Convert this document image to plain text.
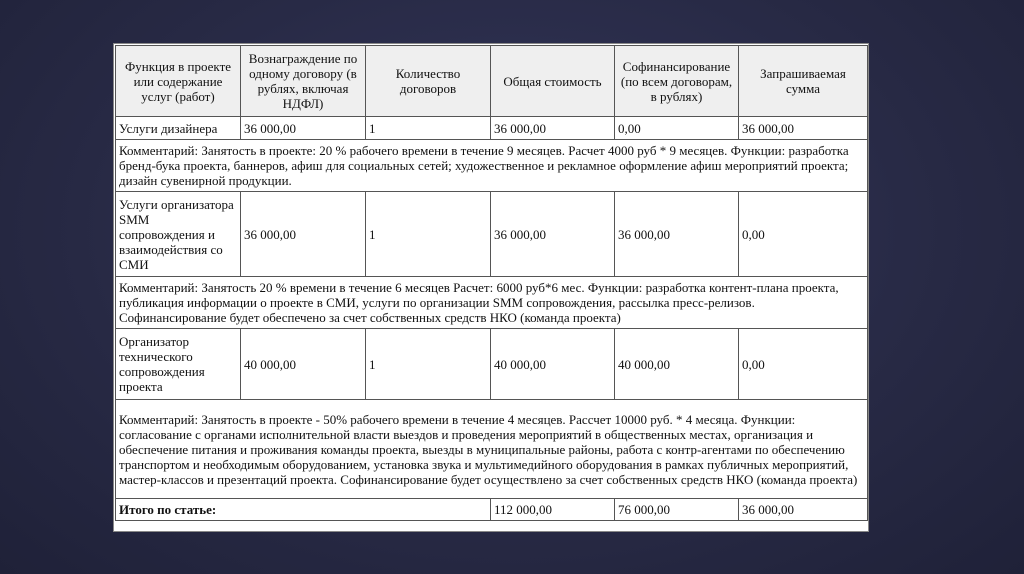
Функция в проекте или содержание услуг (работ)	Вознаграждение по одному договору (в рублях, включая НДФЛ)	Количество договоров	Общая стоимость	Софинансирование (по всем договорам, в рублях)	Запрашиваемая сумма
Услуги дизайнера	36 000,00	1	36 000,00	0,00	36 000,00
Комментарий: Занятость в проекте: 20 % рабочего времени в течение 9 месяцев. Расчет 4000 руб * 9 месяцев. Функции: разработка бренд-бука проекта, баннеров, афиш для социальных сетей; художественное и рекламное оформление афиш мероприятий проекта; дизайн сувенирной продукции.					
Услуги организатора SMM сопровождения и взаимодействия со СМИ	36 000,00	1	36 000,00	36 000,00	0,00
Комментарий: Занятость 20 % времени в течение 6 месяцев Расчет: 6000 руб*6 мес. Функции: разработка контент-плана проекта, публикация информации о проекте в СМИ, услуги по организации SMM сопровождения, рассылка пресс-релизов. Софинансирование будет обеспечено за счет собственных средств НКО (команда проекта)					
Организатор технического сопровождения проекта	40 000,00	1	40 000,00	40 000,00	0,00
Комментарий: Занятость в проекте - 50% рабочего времени в течение 4 месяцев. Рассчет 10000 руб. * 4 месяца. Функции: согласование с органами исполнительной власти выездов и проведения мероприятий в общественных местах, организация и обеспечение питания и проживания команды проекта, выезды в муниципальные районы, работа с контр-агентами по обеспечению транспортом и необходимым оборудованием, установка звука и мультимедийного оборудования в рамках публичных мероприятий, мастер-классов и презентаций проекта. Софинансирование будет осуществлено за счет собственных средств НКО (команда проекта)					
Итого по статье:			112 000,00	76 000,00	36 000,00
